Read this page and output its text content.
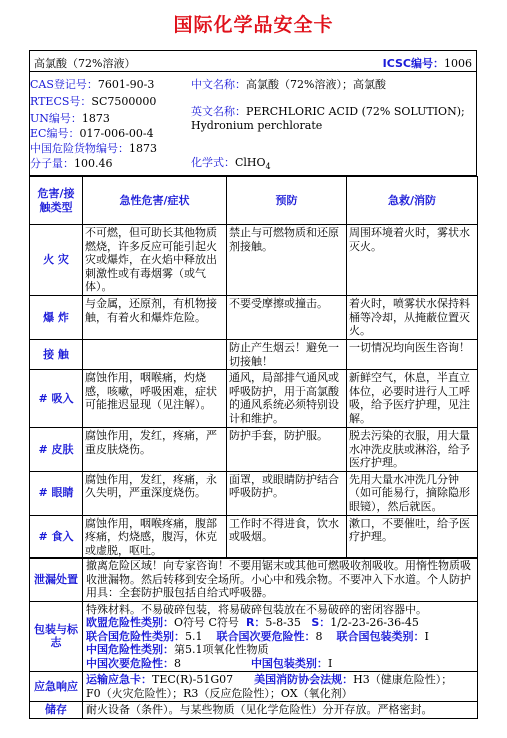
国际化学品安全卡
高氯酸（72%溶液）	ICSC编号：1006
CAS登记号：7601-90-3
RTECS号：SC7500000
UN编号：1873
EC编号：017-006-00-4
中国危险货物编号：1873
分子量：100.46
中文名称：高氯酸（72%溶液）；高氯酸
英文名称：PERCHLORIC ACID (72% SOLUTION);
Hydronium perchlorate
化学式：ClHO$_4$
危害/接触类型	急性危害/症状	预防	急救/消防
火 灾	不可燃，但可助长其他物质燃烧，许多反应可能引起火灾或爆炸，在火焰中释放出刺激性或有毒烟雾（或气体）。	禁止与可燃物质和还原剂接触。	周围环境着火时，雾状水灭火。
爆 炸	与金属，还原剂，有机物接触，有着火和爆炸危险。	不要受摩擦或撞击。	着火时，喷雾状水保持料桶等冷却，从掩蔽位置灭火。
接 触		防止产生烟云！避免一切接触！	一切情况均向医生咨询！
# 吸入	腐蚀作用，咽喉痛，灼烧感，咳嗽，呼吸困难，症状可能推迟显现（见注解）。	通风，局部排气通风或呼吸防护，用于高氯酸的通风系统必须特别设计和维护。	新鲜空气，休息，半直立体位，必要时进行人工呼吸，给予医疗护理，见注解。
# 皮肤	腐蚀作用，发红，疼痛，严重皮肤烧伤。	防护手套，防护服。	脱去污染的衣服，用大量水冲洗皮肤或淋浴，给予医疗护理。
# 眼睛	腐蚀作用，发红，疼痛，永久失明，严重深度烧伤。	面罩，或眼睛防护结合呼吸防护。	先用大量水冲洗几分钟（如可能易行，摘除隐形眼镜），然后就医。
# 食入	腐蚀作用，咽喉疼痛，腹部疼痛，灼烧感，腹泻，休克或虚脱，呕吐。	工作时不得进食，饮水或吸烟。	漱口，不要催吐，给予医疗护理。
泄漏处置	撤离危险区域！向专家咨询！不要用锯末或其他可燃吸收剂吸收。用惰性物质吸收泄漏物。然后转移到安全场所。小心中和残余物。不要冲入下水道。个人防护用具：全套防护服包括自给式呼吸器。
包装与标志	特殊材料。不易破碎包装，将易破碎包装放在不易破碎的密闭容器中。
欧盟危险性类别：O符号 C符号 R：5-8-35 S：1/2-23-26-36-45
联合国危险性类别：5.1 联合国次要危险性：8 联合国包装类别：I
中国危险性类别：第5.1项氧化性物质
中国次要危险性：8 中国包装类别：I

应急响应	运输应急卡：TEC(R)-51G07 美国消防协会法规：H3（健康危险性）；
F0（火灾危险性）；R3（反应危险性）；OX（氧化剂）

储存	耐火设备（条件）。与某些物质（见化学危险性）分开存放。严格密封。
